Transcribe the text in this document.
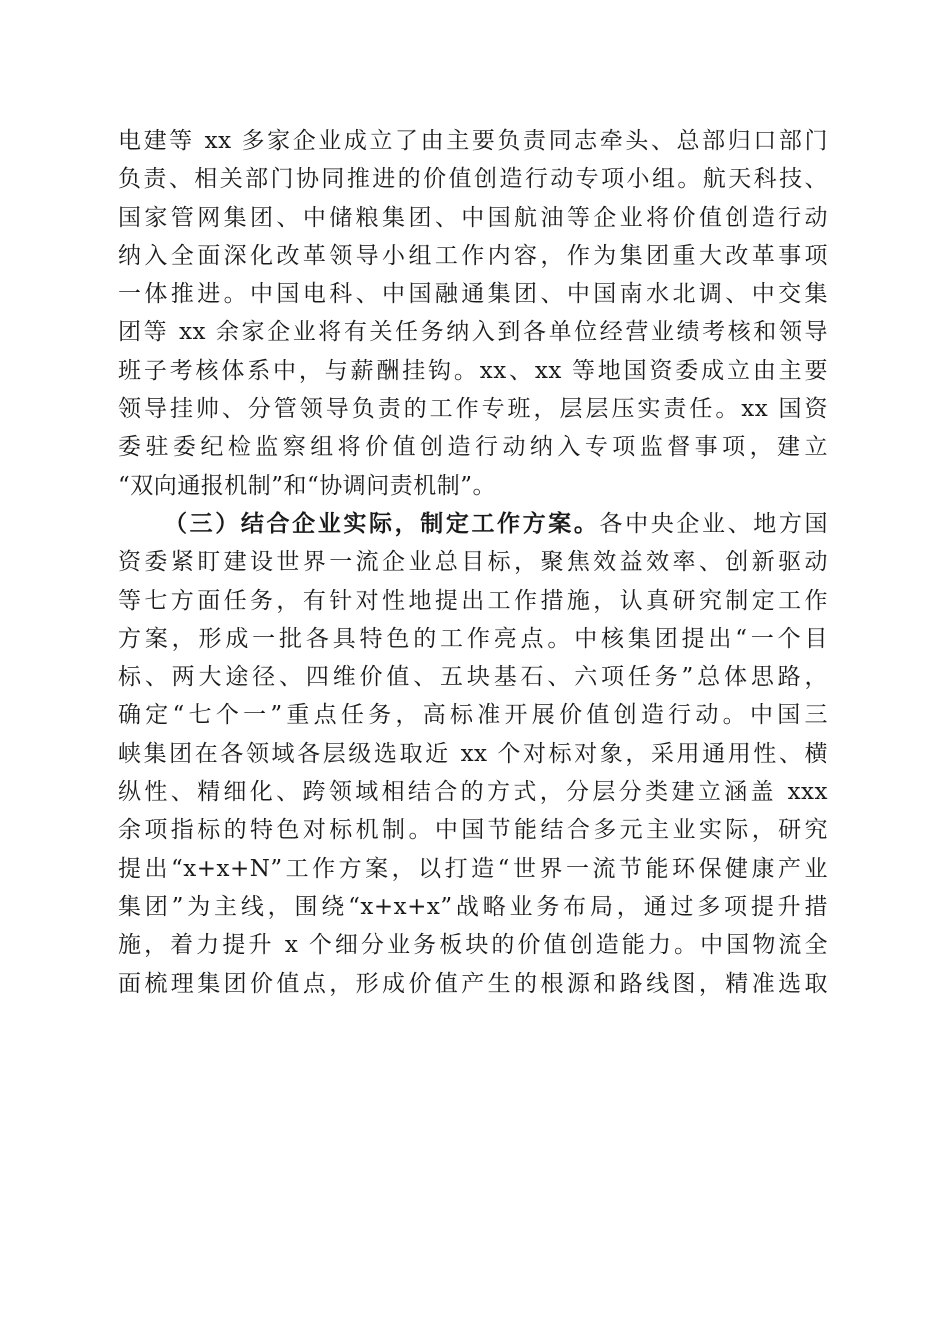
电建等 xx 多家企业成立了由主要负责同志牵头、总部归口部门
负责、相关部门协同推进的价值创造行动专项小组。航天科技、
国家管网集团、中储粮集团、中国航油等企业将价值创造行动
纳入全面深化改革领导小组工作内容，作为集团重大改革事项
一体推进。中国电科、中国融通集团、中国南水北调、中交集
团等 xx 余家企业将有关任务纳入到各单位经营业绩考核和领导
班子考核体系中，与薪酬挂钩。xx、xx 等地国资委成立由主要
领导挂帅、分管领导负责的工作专班，层层压实责任。xx 国资
委驻委纪检监察组将价值创造行动纳入专项监督事项，建立
“双向通报机制”和“协调问责机制”。
（三）结合企业实际，制定工作方案。各中央企业、地方国
资委紧盯建设世界一流企业总目标，聚焦效益效率、创新驱动
等七方面任务，有针对性地提出工作措施，认真研究制定工作
方案，形成一批各具特色的工作亮点。中核集团提出“一个目
标、两大途径、四维价值、五块基石、六项任务”总体思路，
确定“七个一”重点任务，高标准开展价值创造行动。中国三
峡集团在各领域各层级选取近 xx 个对标对象，采用通用性、横
纵性、精细化、跨领域相结合的方式，分层分类建立涵盖 xxx
余项指标的特色对标机制。中国节能结合多元主业实际，研究
提出“x+x+N”工作方案，以打造“世界一流节能环保健康产业
集团”为主线，围绕“x+x+x”战略业务布局，通过多项提升措
施，着力提升 x 个细分业务板块的价值创造能力。中国物流全
面梳理集团价值点，形成价值产生的根源和路线图，精准选取
